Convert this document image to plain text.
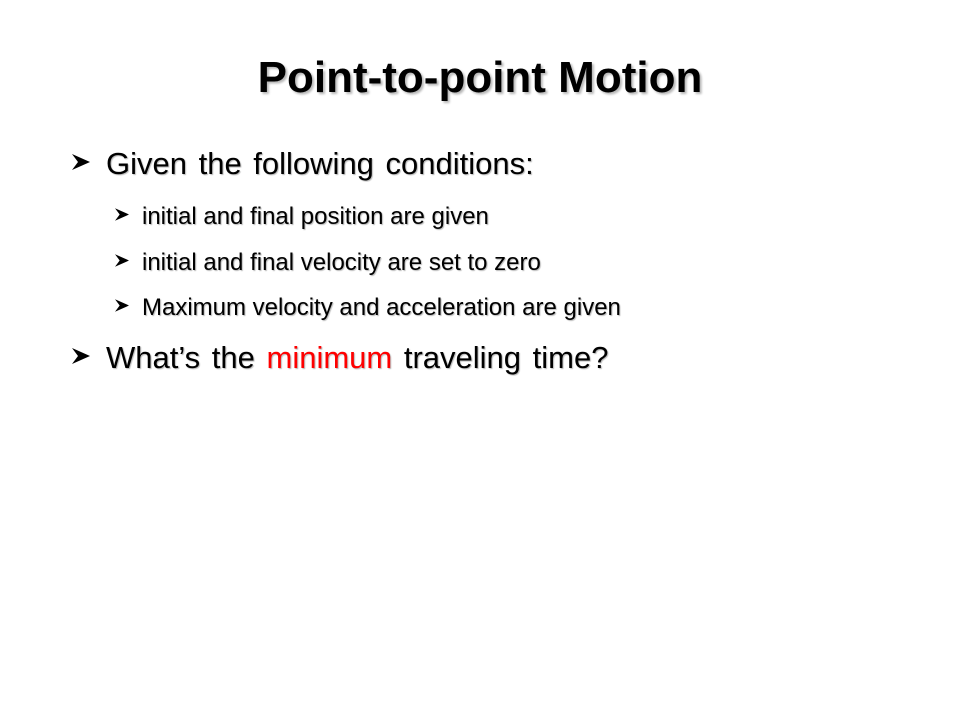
Point-to-point Motion
Given the following conditions:
initial and final position are given
initial and final velocity are set to zero
Maximum velocity and acceleration are given
What’s the minimum traveling time?
